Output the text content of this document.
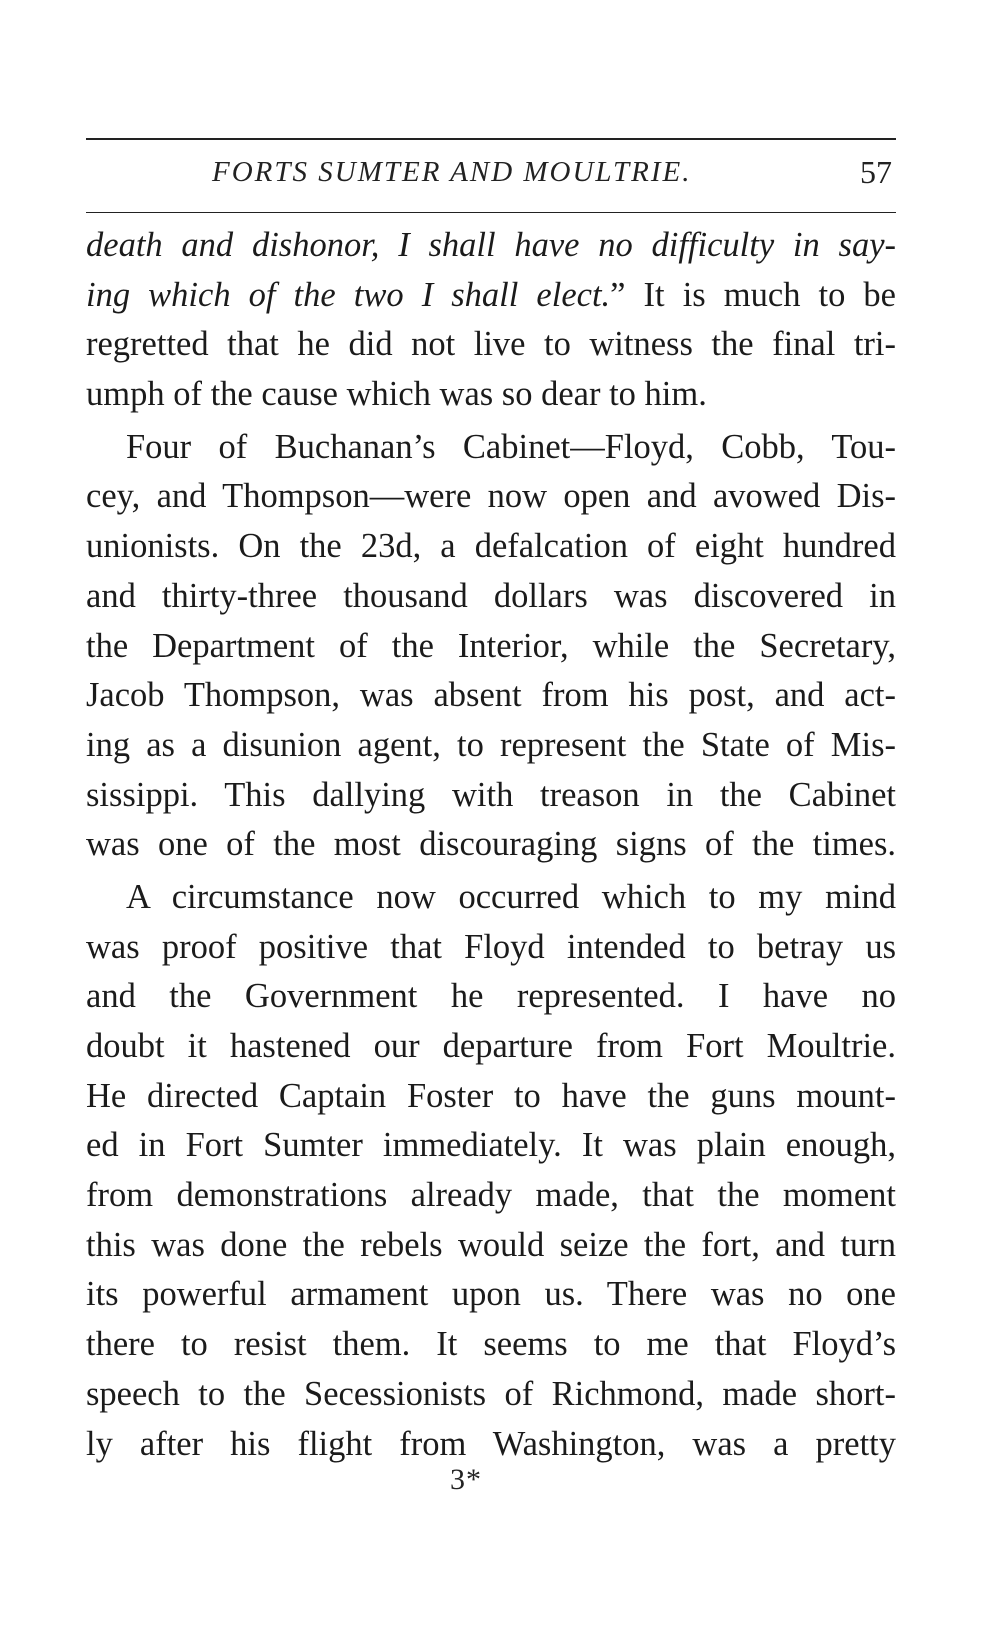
FORTS SUMTER AND MOULTRIE.	57
death and dishonor, I shall have no difficulty in say-
ing which of the two I shall elect.” It is much to be
regretted that he did not live to witness the final tri-
umph of the cause which was so dear to him.
Four of Buchanan’s Cabinet—Floyd, Cobb, Tou-
cey, and Thompson—were now open and avowed Dis-
unionists. On the 23d, a defalcation of eight hundred
and thirty-three thousand dollars was discovered in
the Department of the Interior, while the Secretary,
Jacob Thompson, was absent from his post, and act-
ing as a disunion agent, to represent the State of Mis-
sissippi. This dallying with treason in the Cabinet
was one of the most discouraging signs of the times.
A circumstance now occurred which to my mind
was proof positive that Floyd intended to betray us
and the Government he represented. I have no
doubt it hastened our departure from Fort Moultrie.
He directed Captain Foster to have the guns mount-
ed in Fort Sumter immediately. It was plain enough,
from demonstrations already made, that the moment
this was done the rebels would seize the fort, and turn
its powerful armament upon us. There was no one
there to resist them. It seems to me that Floyd’s
speech to the Secessionists of Richmond, made short-
ly after his flight from Washington, was a pretty
3*
